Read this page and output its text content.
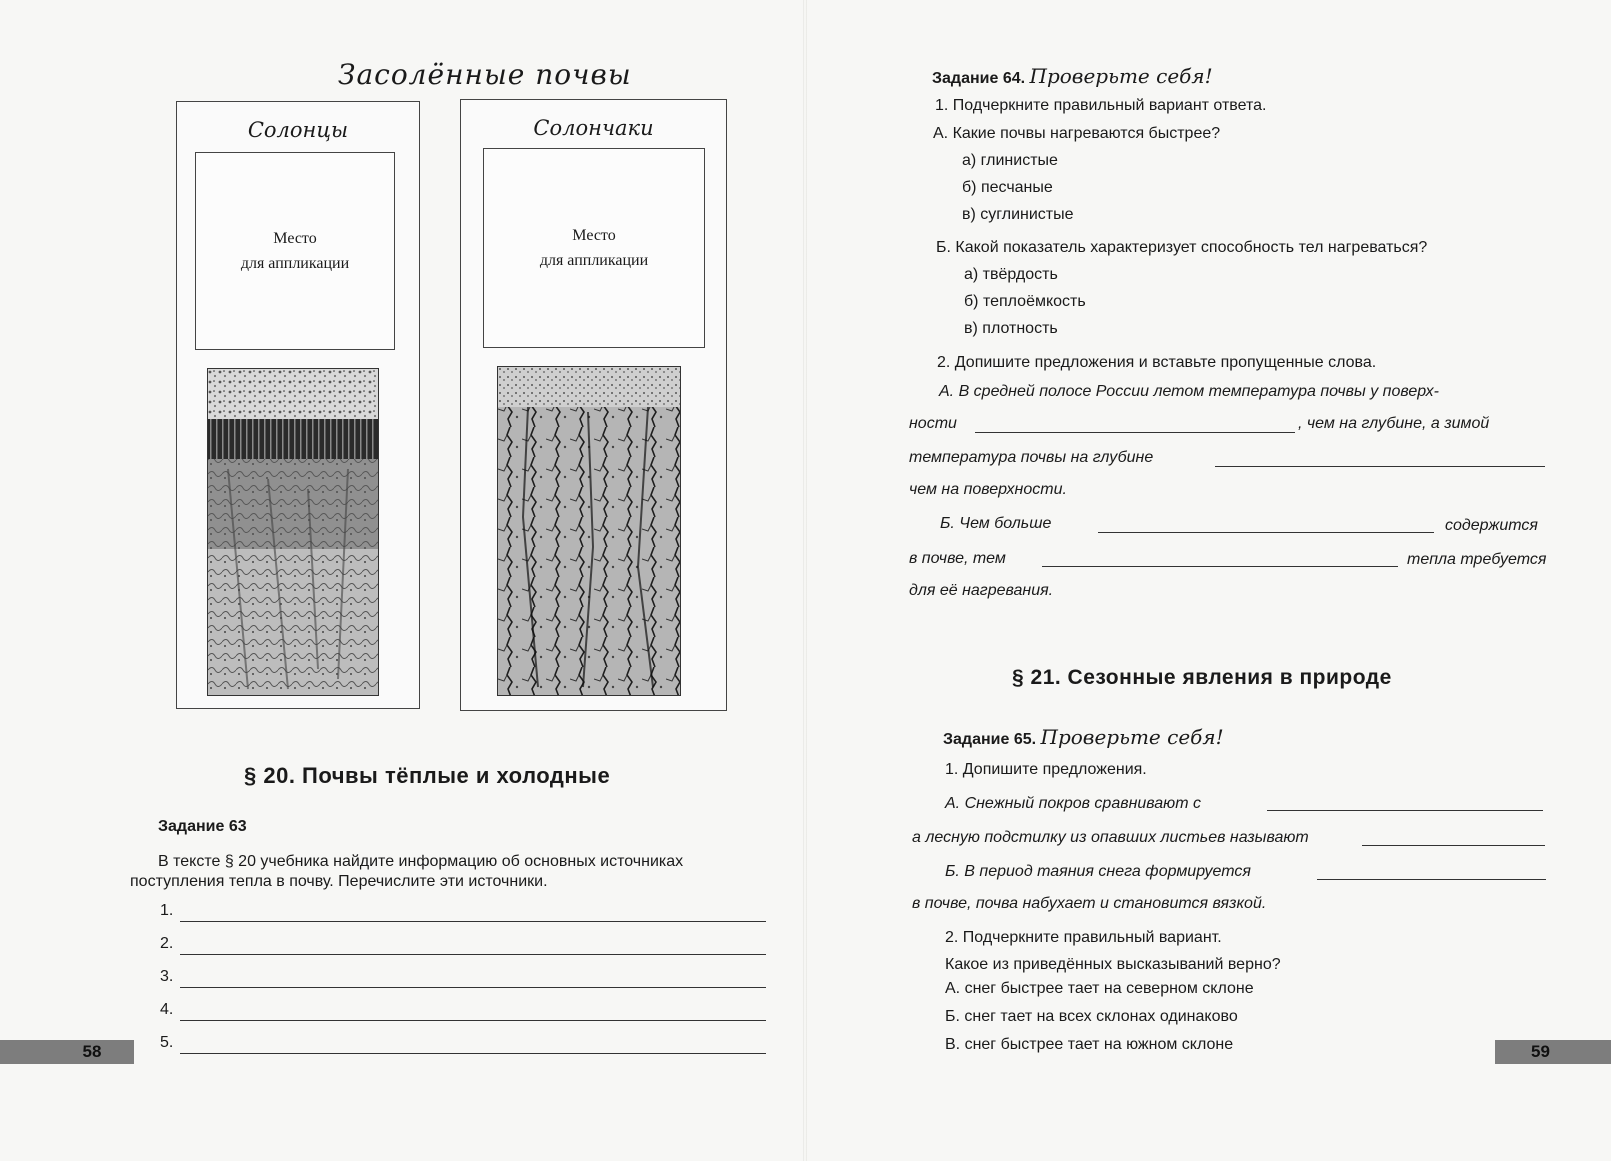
Засолённые почвы
Солонцы
Место
для аппликации
Солончаки
Место
для аппликации
§ 20. Почвы тёплые и холодные
Задание 63
В тексте § 20 учебника найдите информацию об основных источниках
поступления тепла в почву. Перечислите эти источники.
1.
2.
3.
4.
5.
58
Задание 64. Проверьте себя!
1. Подчеркните правильный вариант ответа.
А. Какие почвы нагреваются быстрее?
а) глинистые
б) песчаные
в) суглинистые
Б. Какой показатель характеризует способность тел нагреваться?
а) твёрдость
б) теплоёмкость
в) плотность
2. Допишите предложения и вставьте пропущенные слова.
А. В средней полосе России летом температура почвы у поверх-
ности	, чем на глубине, а зимой
температура почвы на глубине
чем на поверхности.
Б. Чем больше	содержится
в почве, тем	тепла требуется
для её нагревания.
§ 21. Сезонные явления в природе
Задание 65. Проверьте себя!
1. Допишите предложения.
А. Снежный покров сравнивают с
а лесную подстилку из опавших листьев называют
Б. В период таяния снега формируется
в почве, почва набухает и становится вязкой.
2. Подчеркните правильный вариант.
Какое из приведённых высказываний верно?
А. снег быстрее тает на северном склоне
Б. снег тает на всех склонах одинаково
В. снег быстрее тает на южном склоне	59
